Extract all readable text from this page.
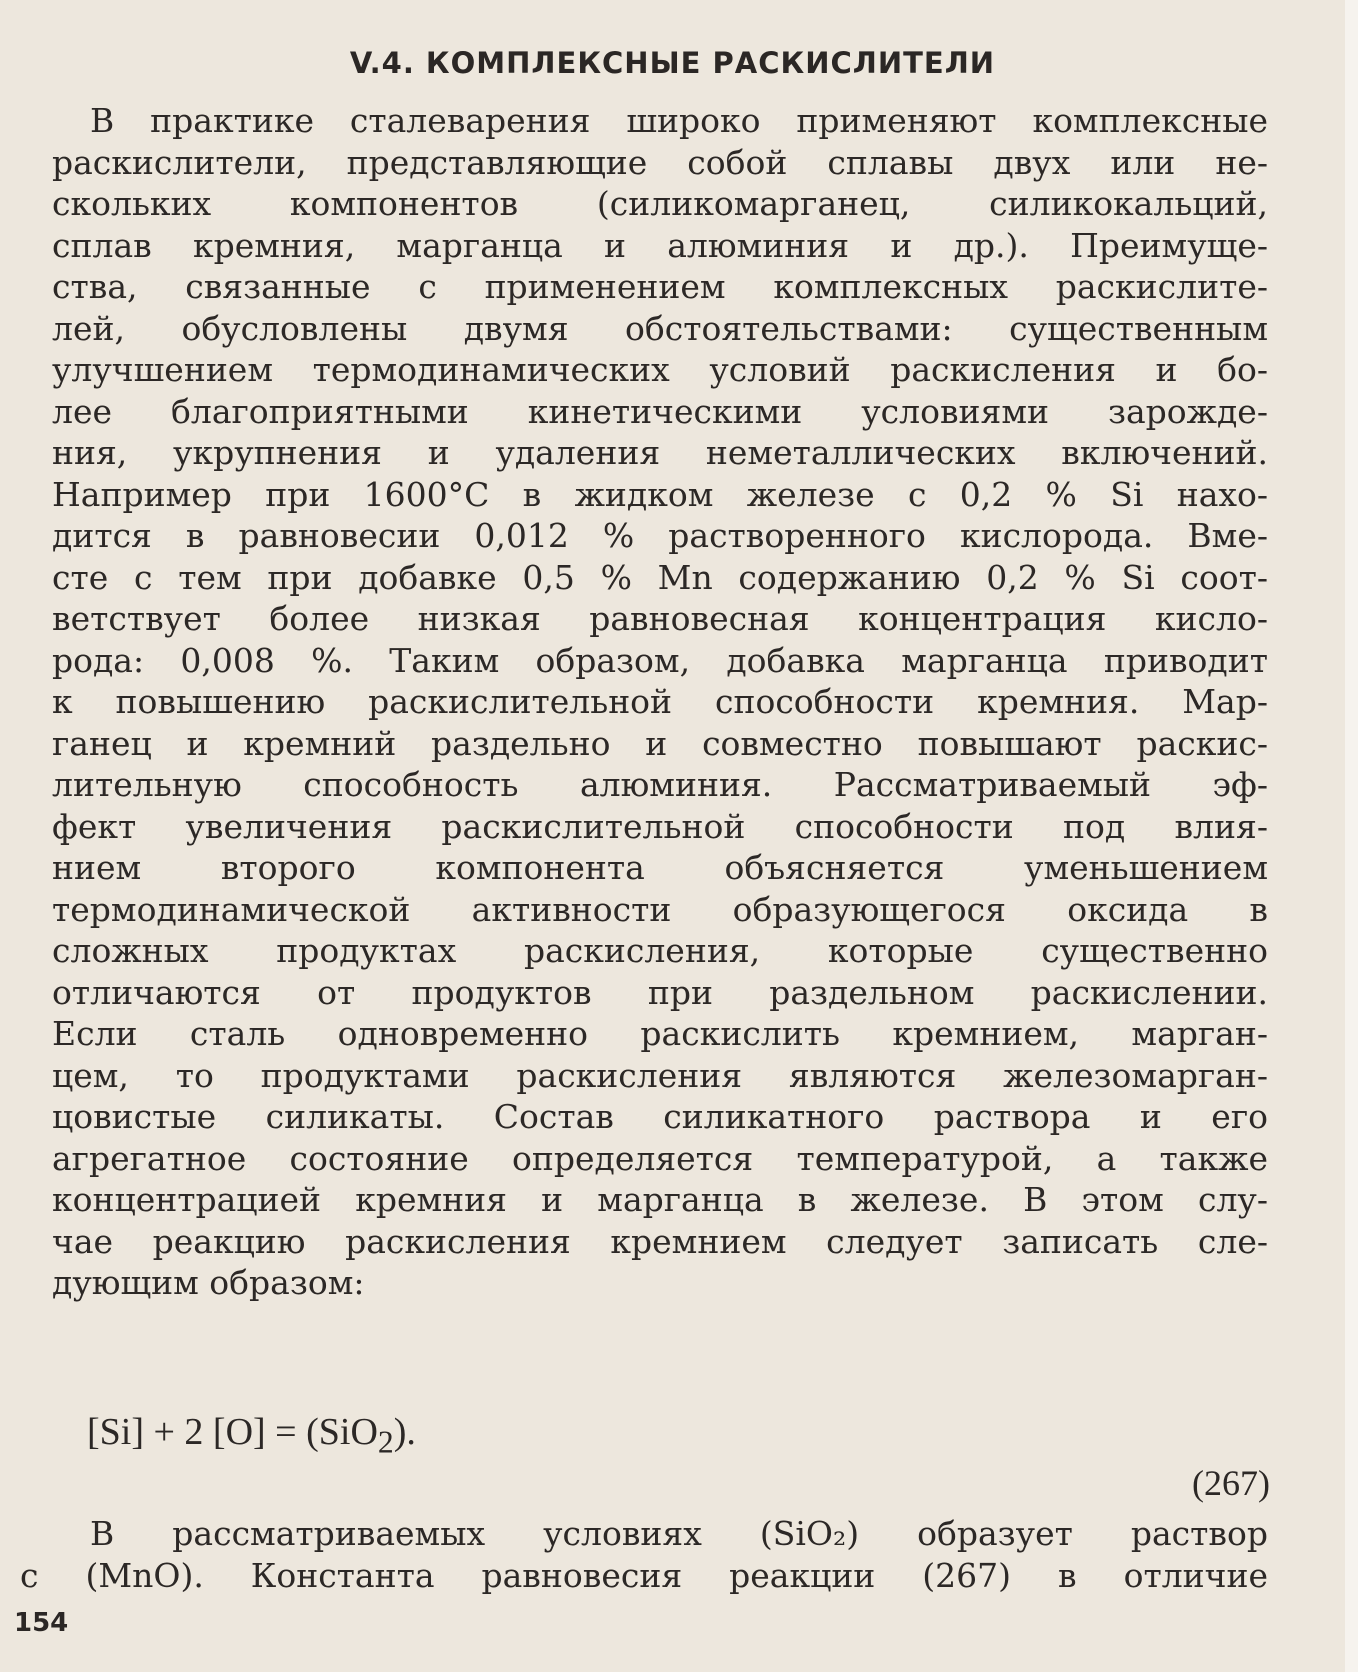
V.4. КОМПЛЕКСНЫЕ РАСКИСЛИТЕЛИ
В практике сталеварения широко применяют комплексные
раскислители, представляющие собой сплавы двух или не-
скольких компонентов (силикомарганец, силикокальций,
сплав кремния, марганца и алюминия и др.). Преимуще-
ства, связанные с применением комплексных раскислите-
лей, обусловлены двумя обстоятельствами: существенным
улучшением термодинамических условий раскисления и бо-
лее благоприятными кинетическими условиями зарожде-
ния, укрупнения и удаления неметаллических включений.
Например при 1600°С в жидком железе с 0,2 % Si нахо-
дится в равновесии 0,012 % растворенного кислорода. Вме-
сте с тем при добавке 0,5 % Mn содержанию 0,2 % Si соот-
ветствует более низкая равновесная концентрация кисло-
рода: 0,008 %. Таким образом, добавка марганца приводит
к повышению раскислительной способности кремния. Мар-
ганец и кремний раздельно и совместно повышают раскис-
лительную способность алюминия. Рассматриваемый эф-
фект увеличения раскислительной способности под влия-
нием второго компонента объясняется уменьшением
термодинамической активности образующегося оксида в
сложных продуктах раскисления, которые существенно
отличаются от продуктов при раздельном раскислении.
Если сталь одновременно раскислить кремнием, марган-
цем, то продуктами раскисления являются железомарган-
цовистые силикаты. Состав силикатного раствора и его
агрегатное состояние определяется температурой, а также
концентрацией кремния и марганца в железе. В этом слу-
чае реакцию раскисления кремнием следует записать сле-
дующим образом:
[Si] + 2 [O] = (SiO$_2$).
(267)
В рассматриваемых условиях (SiO₂) образует раствор
с (MnO). Константа равновесия реакции (267) в отличие
154
